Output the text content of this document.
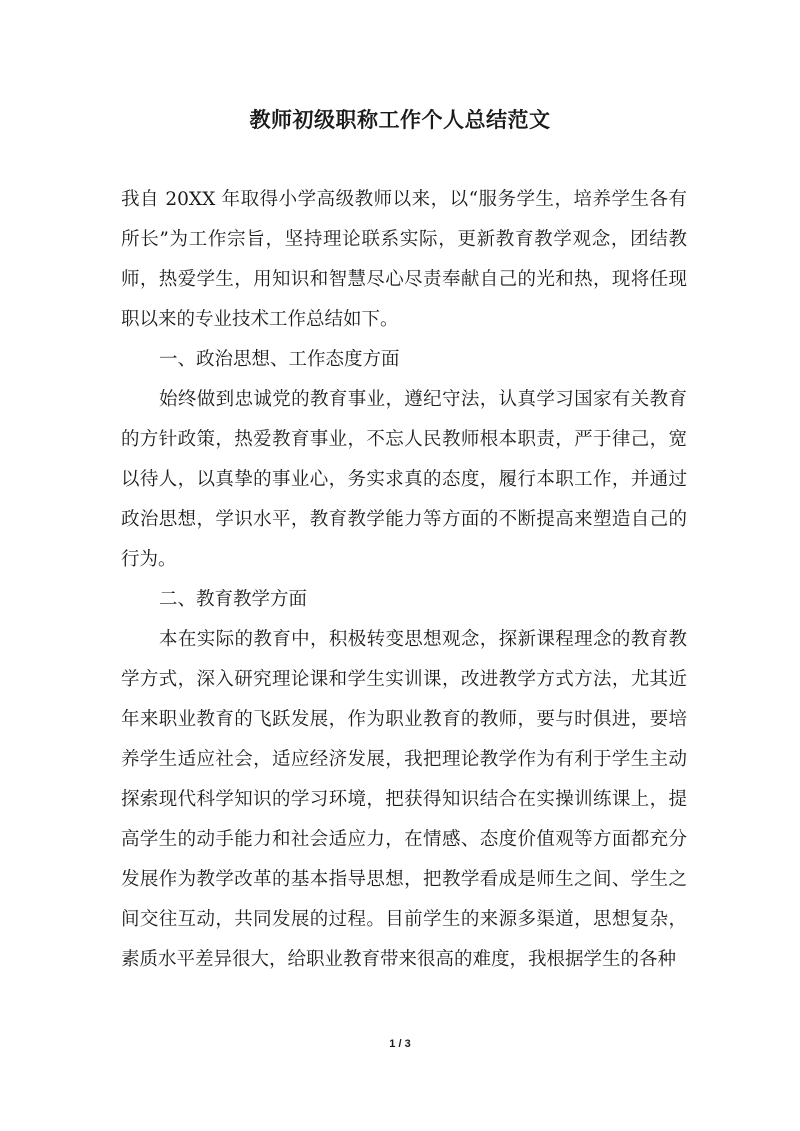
教师初级职称工作个人总结范文

我自 20XX 年取得小学高级教师以来，以“服务学生，培养学生各有所长”为工作宗旨，坚持理论联系实际，更新教育教学观念，团结教师，热爱学生，用知识和智慧尽心尽责奉献自己的光和热，现将任现职以来的专业技术工作总结如下。

一、政治思想、工作态度方面

始终做到忠诚党的教育事业，遵纪守法，认真学习国家有关教育的方针政策，热爱教育事业，不忘人民教师根本职责，严于律己，宽以待人，以真挚的事业心，务实求真的态度，履行本职工作，并通过政治思想，学识水平，教育教学能力等方面的不断提高来塑造自己的行为。

二、教育教学方面

本在实际的教育中，积极转变思想观念，探新课程理念的教育教学方式，深入研究理论课和学生实训课，改进教学方式方法，尤其近年来职业教育的飞跃发展，作为职业教育的教师，要与时俱进，要培养学生适应社会，适应经济发展，我把理论教学作为有利于学生主动探索现代科学知识的学习环境，把获得知识结合在实操训练课上，提高学生的动手能力和社会适应力，在情感、态度价值观等方面都充分发展作为教学改革的基本指导思想，把教学看成是师生之间、学生之间交往互动，共同发展的过程。目前学生的来源多渠道，思想复杂，素质水平差异很大，给职业教育带来很高的难度，我根据学生的各种

1 / 3
